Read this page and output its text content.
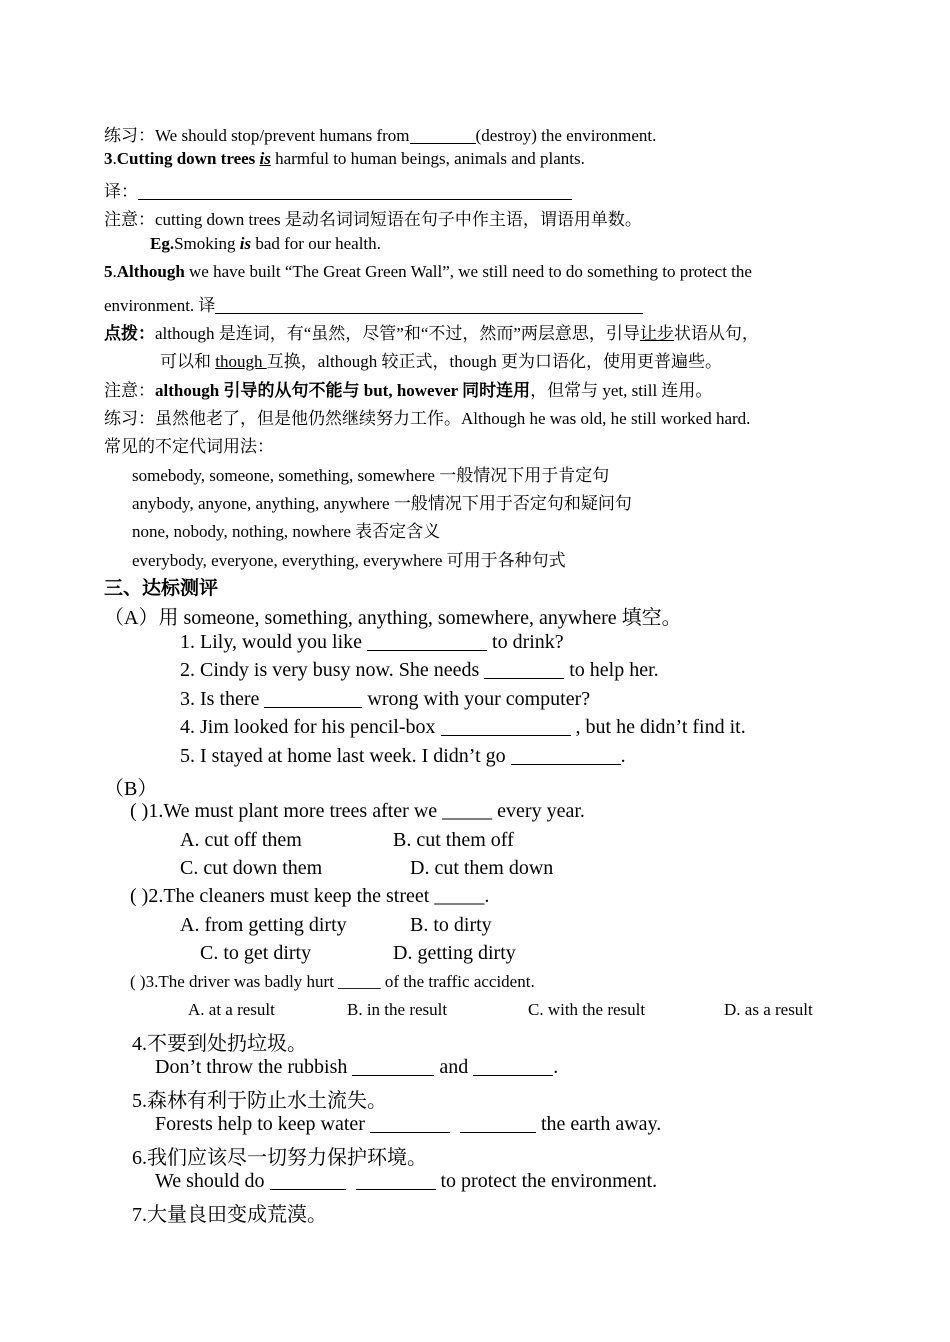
练习：We should stop/prevent humans from	(destroy) the environment.
3.Cutting down trees is harmful to human beings, animals and plants.
译：
注意：cutting down trees 是动名词词短语在句子中作主语，谓语用单数。
Eg.Smoking is bad for our health.
5.Although we have built “The Great Green Wall”, we still need to do something to protect the
environment. 译
点拨：although 是连词，有“虽然，尽管”和“不过，然而”两层意思，引导让步状语从句，
可以和 though 互换，although 较正式，though 更为口语化，使用更普遍些。
注意：although 引导的从句不能与 but, however 同时连用，但常与 yet, still 连用。
练习：虽然他老了，但是他仍然继续努力工作。Although he was old, he still worked hard.
常见的不定代词用法：
somebody, someone, something, somewhere 一般情况下用于肯定句
anybody, anyone, anything, anywhere 一般情况下用于否定句和疑问句
none, nobody, nothing, nowhere 表否定含义
everybody, everyone, everything, everywhere 可用于各种句式
三、达标测评
（A）用 someone, something, anything, somewhere, anywhere 填空。
1. Lily, would you like	to drink?
2. Cindy is very busy now. She needs	to help her.
3. Is there	wrong with your computer?
4. Jim looked for his pencil-box	, but he didn’t find it.
5. I stayed at home last week. I didn’t go	.
（B）
( )1.We must plant more trees after we _____ every year.
A. cut off them	B. cut them off
C. cut down them	D. cut them down
( )2.The cleaners must keep the street _____.
A. from getting dirty	B. to dirty
C. to get dirty	D. getting dirty
( )3.The driver was badly hurt _____ of the traffic accident.
A. at a result	B. in the result	C. with the result	D. as a result
4.不要到处扔垃圾。
Don’t throw the rubbish	and	.
5.森林有利于防止水土流失。
Forests help to keep water	the earth away.
6.我们应该尽一切努力保护环境。
We should do	to protect the environment.
7.大量良田变成荒漠。
